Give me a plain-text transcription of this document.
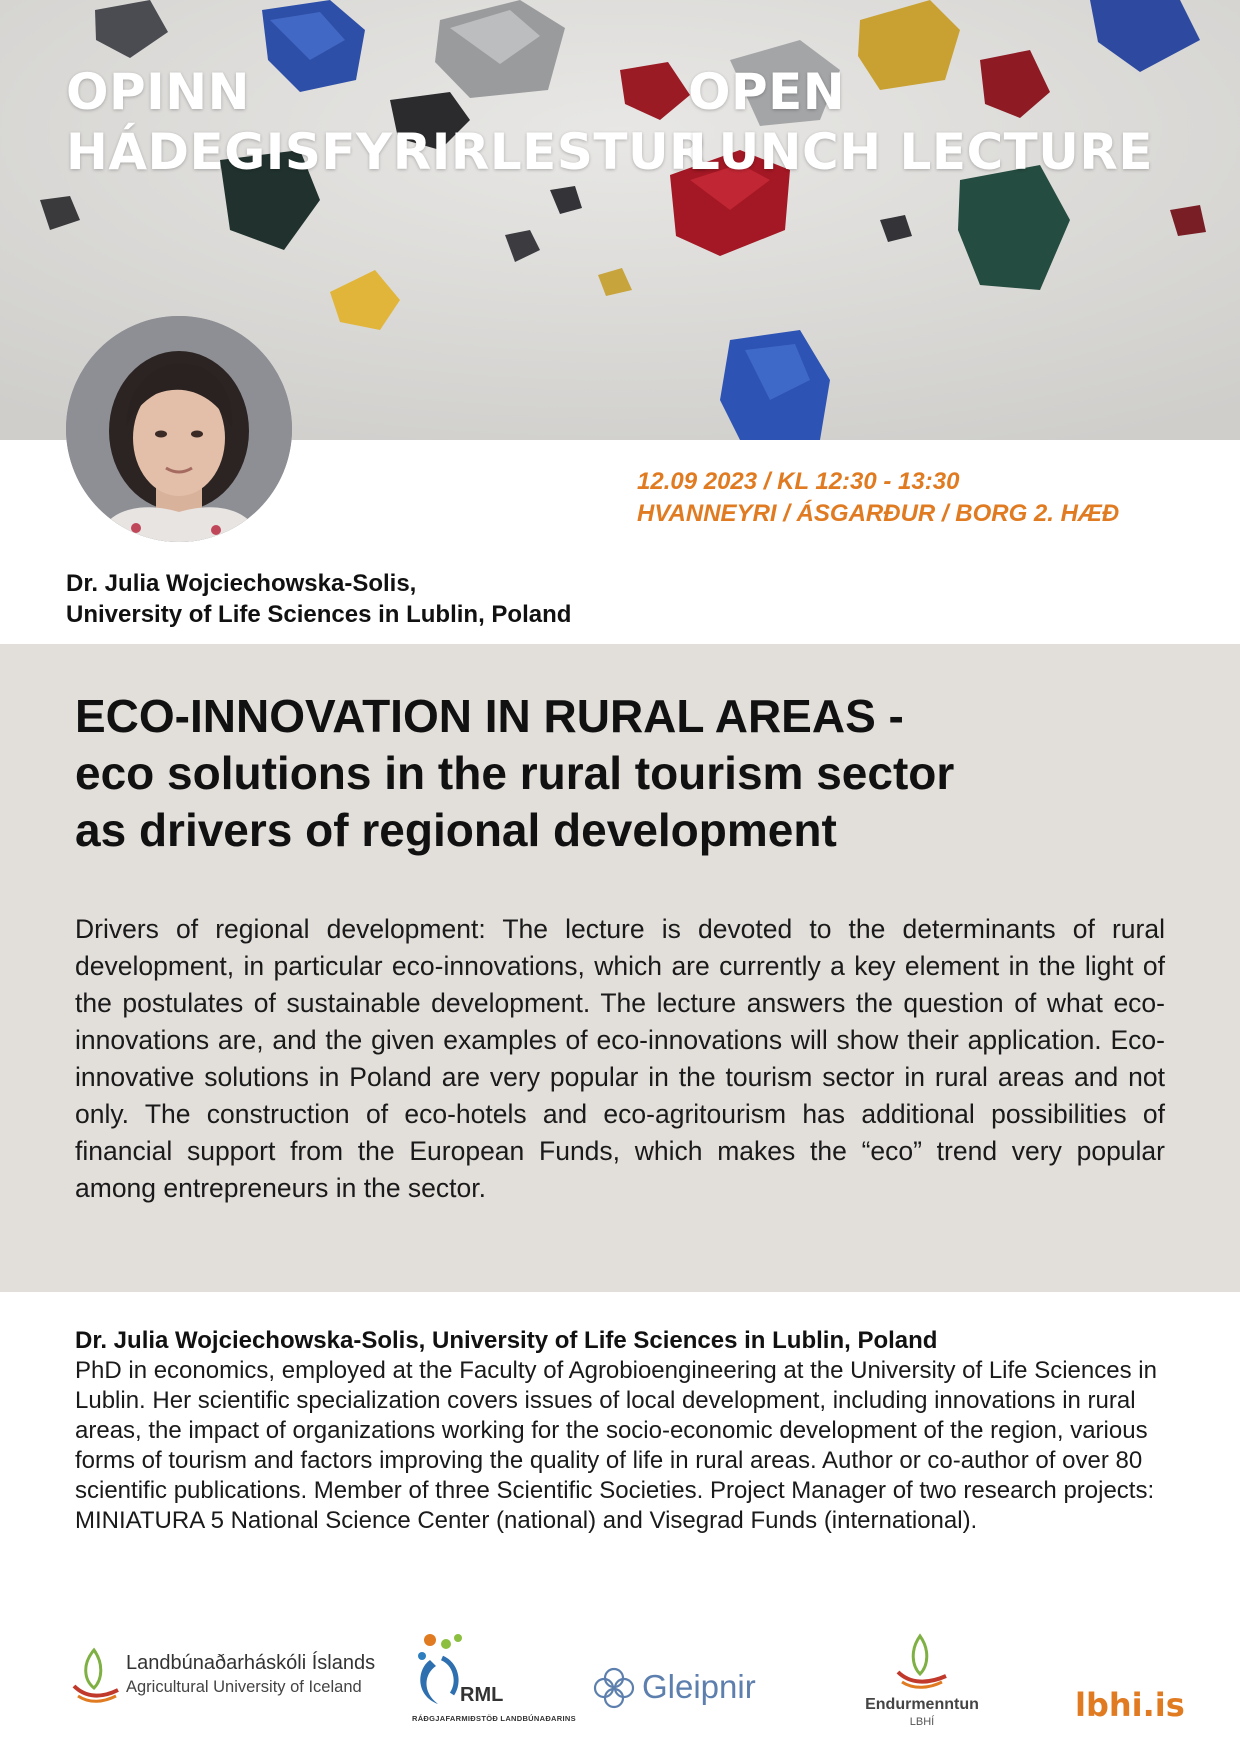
OPINN
HÁDEGISFYRIRLESTUR
OPEN
LUNCH LECTURE
12.09 2023 / KL 12:30 - 13:30
HVANNEYRI / ÁSGARÐUR / BORG 2. HÆÐ
Dr. Julia Wojciechowska-Solis,
University of Life Sciences in Lublin, Poland
ECO-INNOVATION IN RURAL AREAS -
eco solutions in the rural tourism sector
as drivers of regional development

Drivers of regional development: The lecture is devoted to the determinants of rural development, in particular eco-innovations, which are currently a key element in the light of the postulates of sustainable development. The lecture answers the question of what eco-innovations are, and the given examples of eco-innovations will show their application. Eco-innovative solutions in Poland are very popular in the tourism sector in rural areas and not only. The construction of eco-hotels and eco-agritourism has additional possibilities of financial support from the European Funds, which makes the “eco” trend very popular among entrepreneurs in the sector.

Dr. Julia Wojciechowska-Solis, University of Life Sciences in Lublin, Poland

PhD in economics, employed at the Faculty of Agrobioengineering at the University of Life Sciences in Lublin. Her scientific specialization covers issues of local development, including innovations in rural areas, the impact of organizations working for the socio-economic development of the region, various forms of tourism and factors improving the quality of life in rural areas. Author or co-author of over 80 scientific publications. Member of three Scientific Societies. Project Manager of two research projects: MINIATURA 5 National Science Center (national) and Visegrad Funds (international).

Landbúnaðarháskóli Íslands
Agricultural University of Iceland	RML
RÁÐGJAFARMIÐSTÖÐ LANDBÚNAÐARINS
Gleipnir	Endurmenntun
LBHÍ	lbhi.is
